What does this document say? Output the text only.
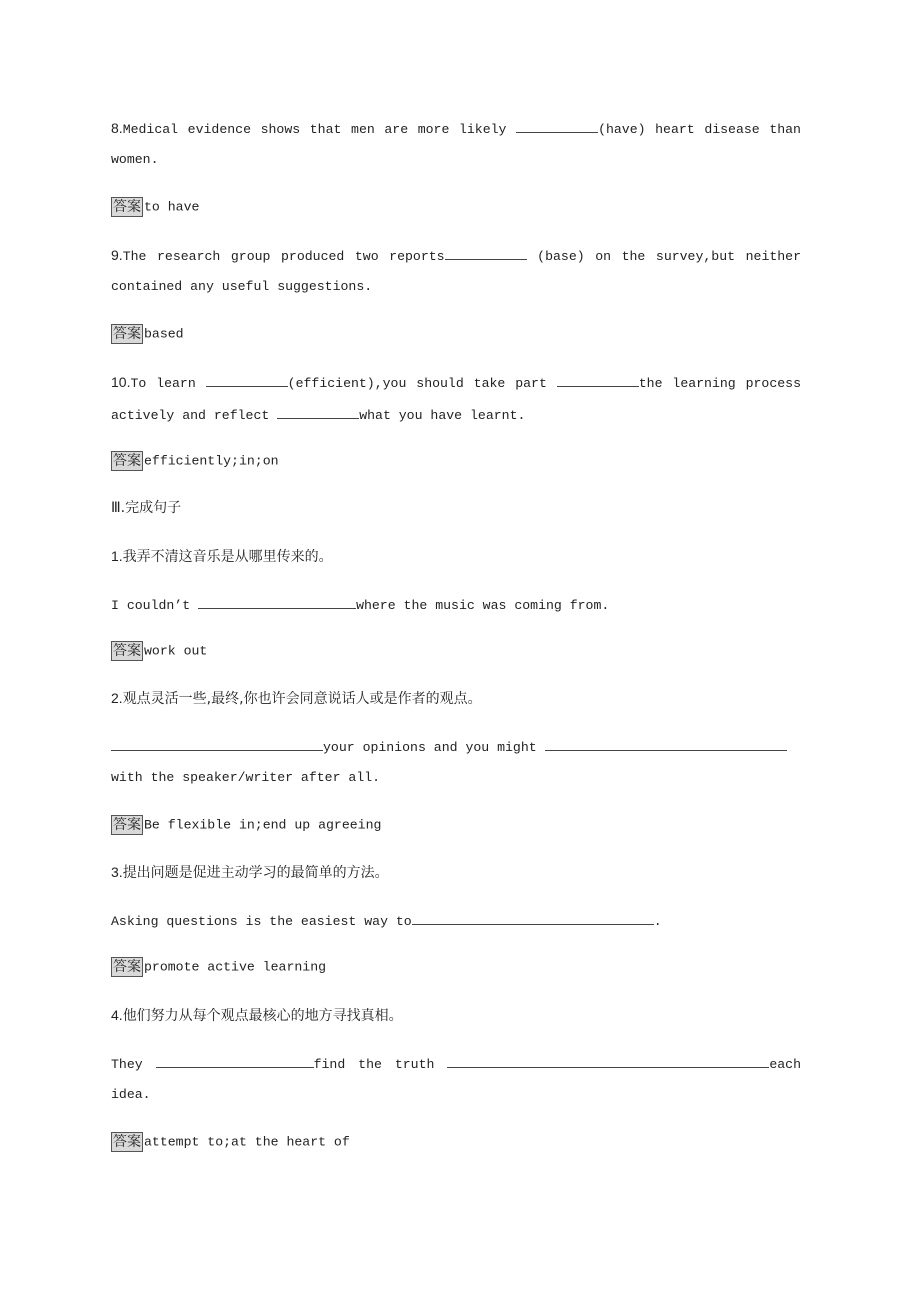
8.Medical evidence shows that men are more likely	(have) heart disease than
women.
答案 to have
9.The research group produced two reports	(base) on the survey,but neither
contained any useful suggestions.
答案 based
10.To learn	(efficient),you should take part	the learning process
actively and reflect	what you have learnt.
答案 efficiently;in;on
Ⅲ.完成句子
1.我弄不清这音乐是从哪里传来的。
I couldn’t	where the music was coming from.
答案 work out
2.观点灵活一些,最终,你也许会同意说话人或是作者的观点。
your opinions and you might
with the speaker/writer after all.
答案 Be flexible in;end up agreeing
3.提出问题是促进主动学习的最简单的方法。
Asking questions is the easiest way to	.
答案 promote active learning
4.他们努力从每个观点最核心的地方寻找真相。
They	find the truth	each
idea.
答案 attempt to;at the heart of
